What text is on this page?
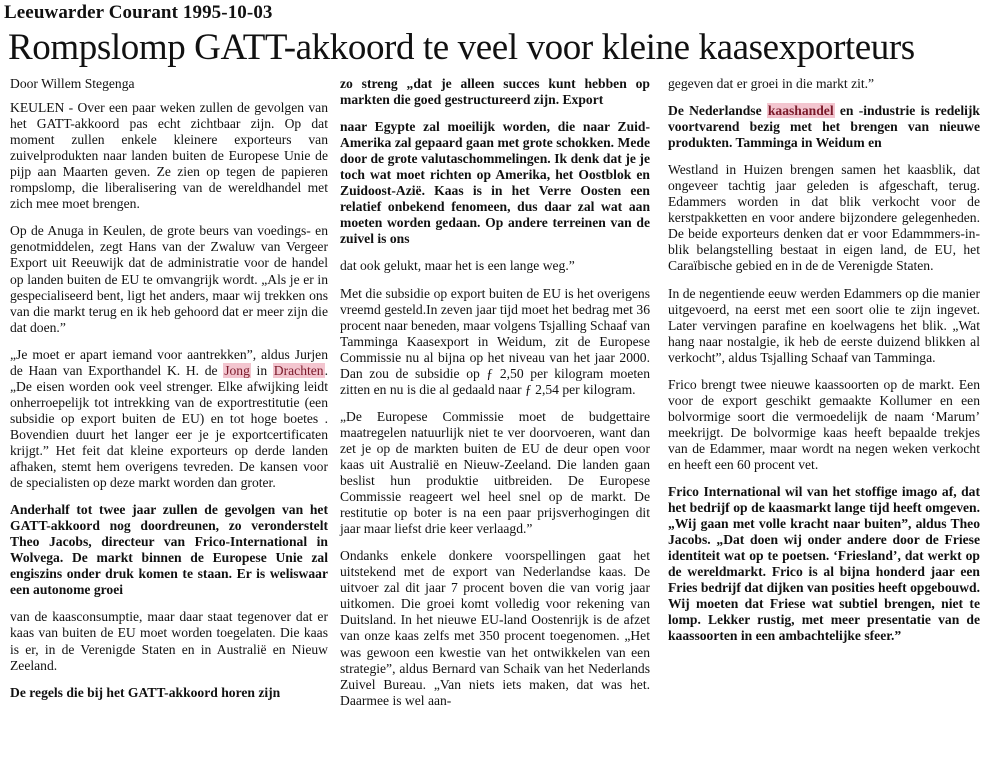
Leeuwarder Courant 1995-10-03
Rompslomp GATT-akkoord te veel voor kleine kaasexporteurs

Door Willem Stegenga

KEULEN - Over een paar weken zullen de gevolgen van het GATT-akkoord pas echt zichtbaar zijn. Op dat moment zullen enkele kleinere exporteurs van zuivelprodukten naar landen buiten de Europese Unie de pijp aan Maarten geven. Ze zien op tegen de papieren rompslomp, die liberalisering van de wereldhandel met zich mee moet brengen.

Op de Anuga in Keulen, de grote beurs van voedings- en genotmiddelen, zegt Hans van der Zwaluw van Vergeer Export uit Reeuwijk dat de administratie voor de handel op landen buiten de EU te omvangrijk wordt. „Als je er in gespecialiseerd bent, ligt het anders, maar wij trekken ons van die markt terug en ik heb gehoord dat er meer zijn die dat doen.”

„Je moet er apart iemand voor aantrekken”, aldus Jurjen de Haan van Exporthandel K. H. de Jong in Drachten. „De eisen worden ook veel strenger. Elke afwijking leidt onherroepelijk tot intrekking van de exportrestitutie (een subsidie op export buiten de EU) en tot hoge boetes . Bovendien duurt het langer eer je je exportcertificaten krijgt.” Het feit dat kleine exporteurs op derde landen afhaken, stemt hem overigens tevreden. De kansen voor de specialisten op deze markt worden dan groter.

Anderhalf tot twee jaar zullen de gevolgen van het GATT-akkoord nog doordreunen, zo veronderstelt Theo Jacobs, directeur van Frico-International in Wolvega. De markt binnen de Europese Unie zal engiszins onder druk komen te staan. Er is weliswaar een autonome groei

van de kaasconsumptie, maar daar staat tegenover dat er kaas van buiten de EU moet worden toegelaten. Die kaas is er, in de Verenigde Staten en in Australië en Nieuw Zeeland.

De regels die bij het GATT-akkoord horen zijn

zo streng „dat je alleen succes kunt hebben op markten die goed gestructureerd zijn. Export

naar Egypte zal moeilijk worden, die naar Zuid-Amerika zal gepaard gaan met grote schokken. Mede door de grote valutaschommelingen. Ik denk dat je je toch wat moet richten op Amerika, het Oostblok en Zuidoost-Azië. Kaas is in het Verre Oosten een relatief onbekend fenomeen, dus daar zal wat aan moeten worden gedaan. Op andere terreinen van de zuivel is ons

dat ook gelukt, maar het is een lange weg.”

Met die subsidie op export buiten de EU is het overigens vreemd gesteld.In zeven jaar tijd moet het bedrag met 36 procent naar beneden, maar volgens Tsjalling Schaaf van Tamminga Kaasexport in Weidum, zit de Europese Commissie nu al bijna op het niveau van het jaar 2000. Dan zou de subsidie op ƒ 2,50 per kilogram moeten zitten en nu is die al gedaald naar ƒ 2,54 per kilogram.

„De Europese Commissie moet de budgettaire maatregelen natuurlijk niet te ver doorvoeren, want dan zet je op de markten buiten de EU de deur open voor kaas uit Australië en Nieuw-Zeeland. Die landen gaan beslist hun produktie uitbreiden. De Europese Commissie reageert wel heel snel op de markt. De restitutie op boter is na een paar prijsverhogingen dit jaar maar liefst drie keer verlaagd.”

Ondanks enkele donkere voorspellingen gaat het uitstekend met de export van Nederlandse kaas. De uitvoer zal dit jaar 7 procent boven die van vorig jaar uitkomen. Die groei komt volledig voor rekening van Duitsland. In het nieuwe EU-land Oostenrijk is de afzet van onze kaas zelfs met 350 procent toegenomen. „Het was gewoon een kwestie van het ontwikkelen van een strategie”, aldus Bernard van Schaik van het Nederlands Zuivel Bureau. „Van niets iets maken, dat was het. Daarmee is wel aan-

gegeven dat er groei in die markt zit.”

De Nederlandse kaashandel en -industrie is redelijk voortvarend bezig met het brengen van nieuwe produkten. Tamminga in Weidum en

Westland in Huizen brengen samen het kaasblik, dat ongeveer tachtig jaar geleden is afgeschaft, terug. Edammers worden in dat blik verkocht voor de kerstpakketten en voor andere bijzondere gelegenheden. De beide exporteurs denken dat er voor Edammmers-in-blik belangstelling bestaat in eigen land, de EU, het Caraïbische gebied en in de de Verenigde Staten.

In de negentiende eeuw werden Edammers op die manier uitgevoerd, na eerst met een soort olie te zijn ingevet. Later vervingen parafine en koelwagens het blik. „Wat hang naar nostalgie, ik heb de eerste duizend blikken al verkocht”, aldus Tsjalling Schaaf van Tamminga.

Frico brengt twee nieuwe kaassoorten op de markt. Een voor de export geschikt gemaakte Kollumer en een bolvormige soort die vermoedelijk de naam ‘Marum’ meekrijgt. De bolvormige kaas heeft bepaalde trekjes van de Edammer, maar wordt na negen weken verkocht en heeft een 60 procent vet.

Frico International wil van het stoffige imago af, dat het bedrijf op de kaasmarkt lange tijd heeft omgeven. „Wij gaan met volle kracht naar buiten”, aldus Theo Jacobs. „Dat doen wij onder andere door de Friese identiteit wat op te poetsen. ‘Friesland’, dat werkt op de wereldmarkt. Frico is al bijna honderd jaar een Fries bedrijf dat dijken van posities heeft opgebouwd. Wij moeten dat Friese wat subtiel brengen, niet te lomp. Lekker rustig, met meer presentatie van de kaassoorten in een ambachtelijke sfeer.”
